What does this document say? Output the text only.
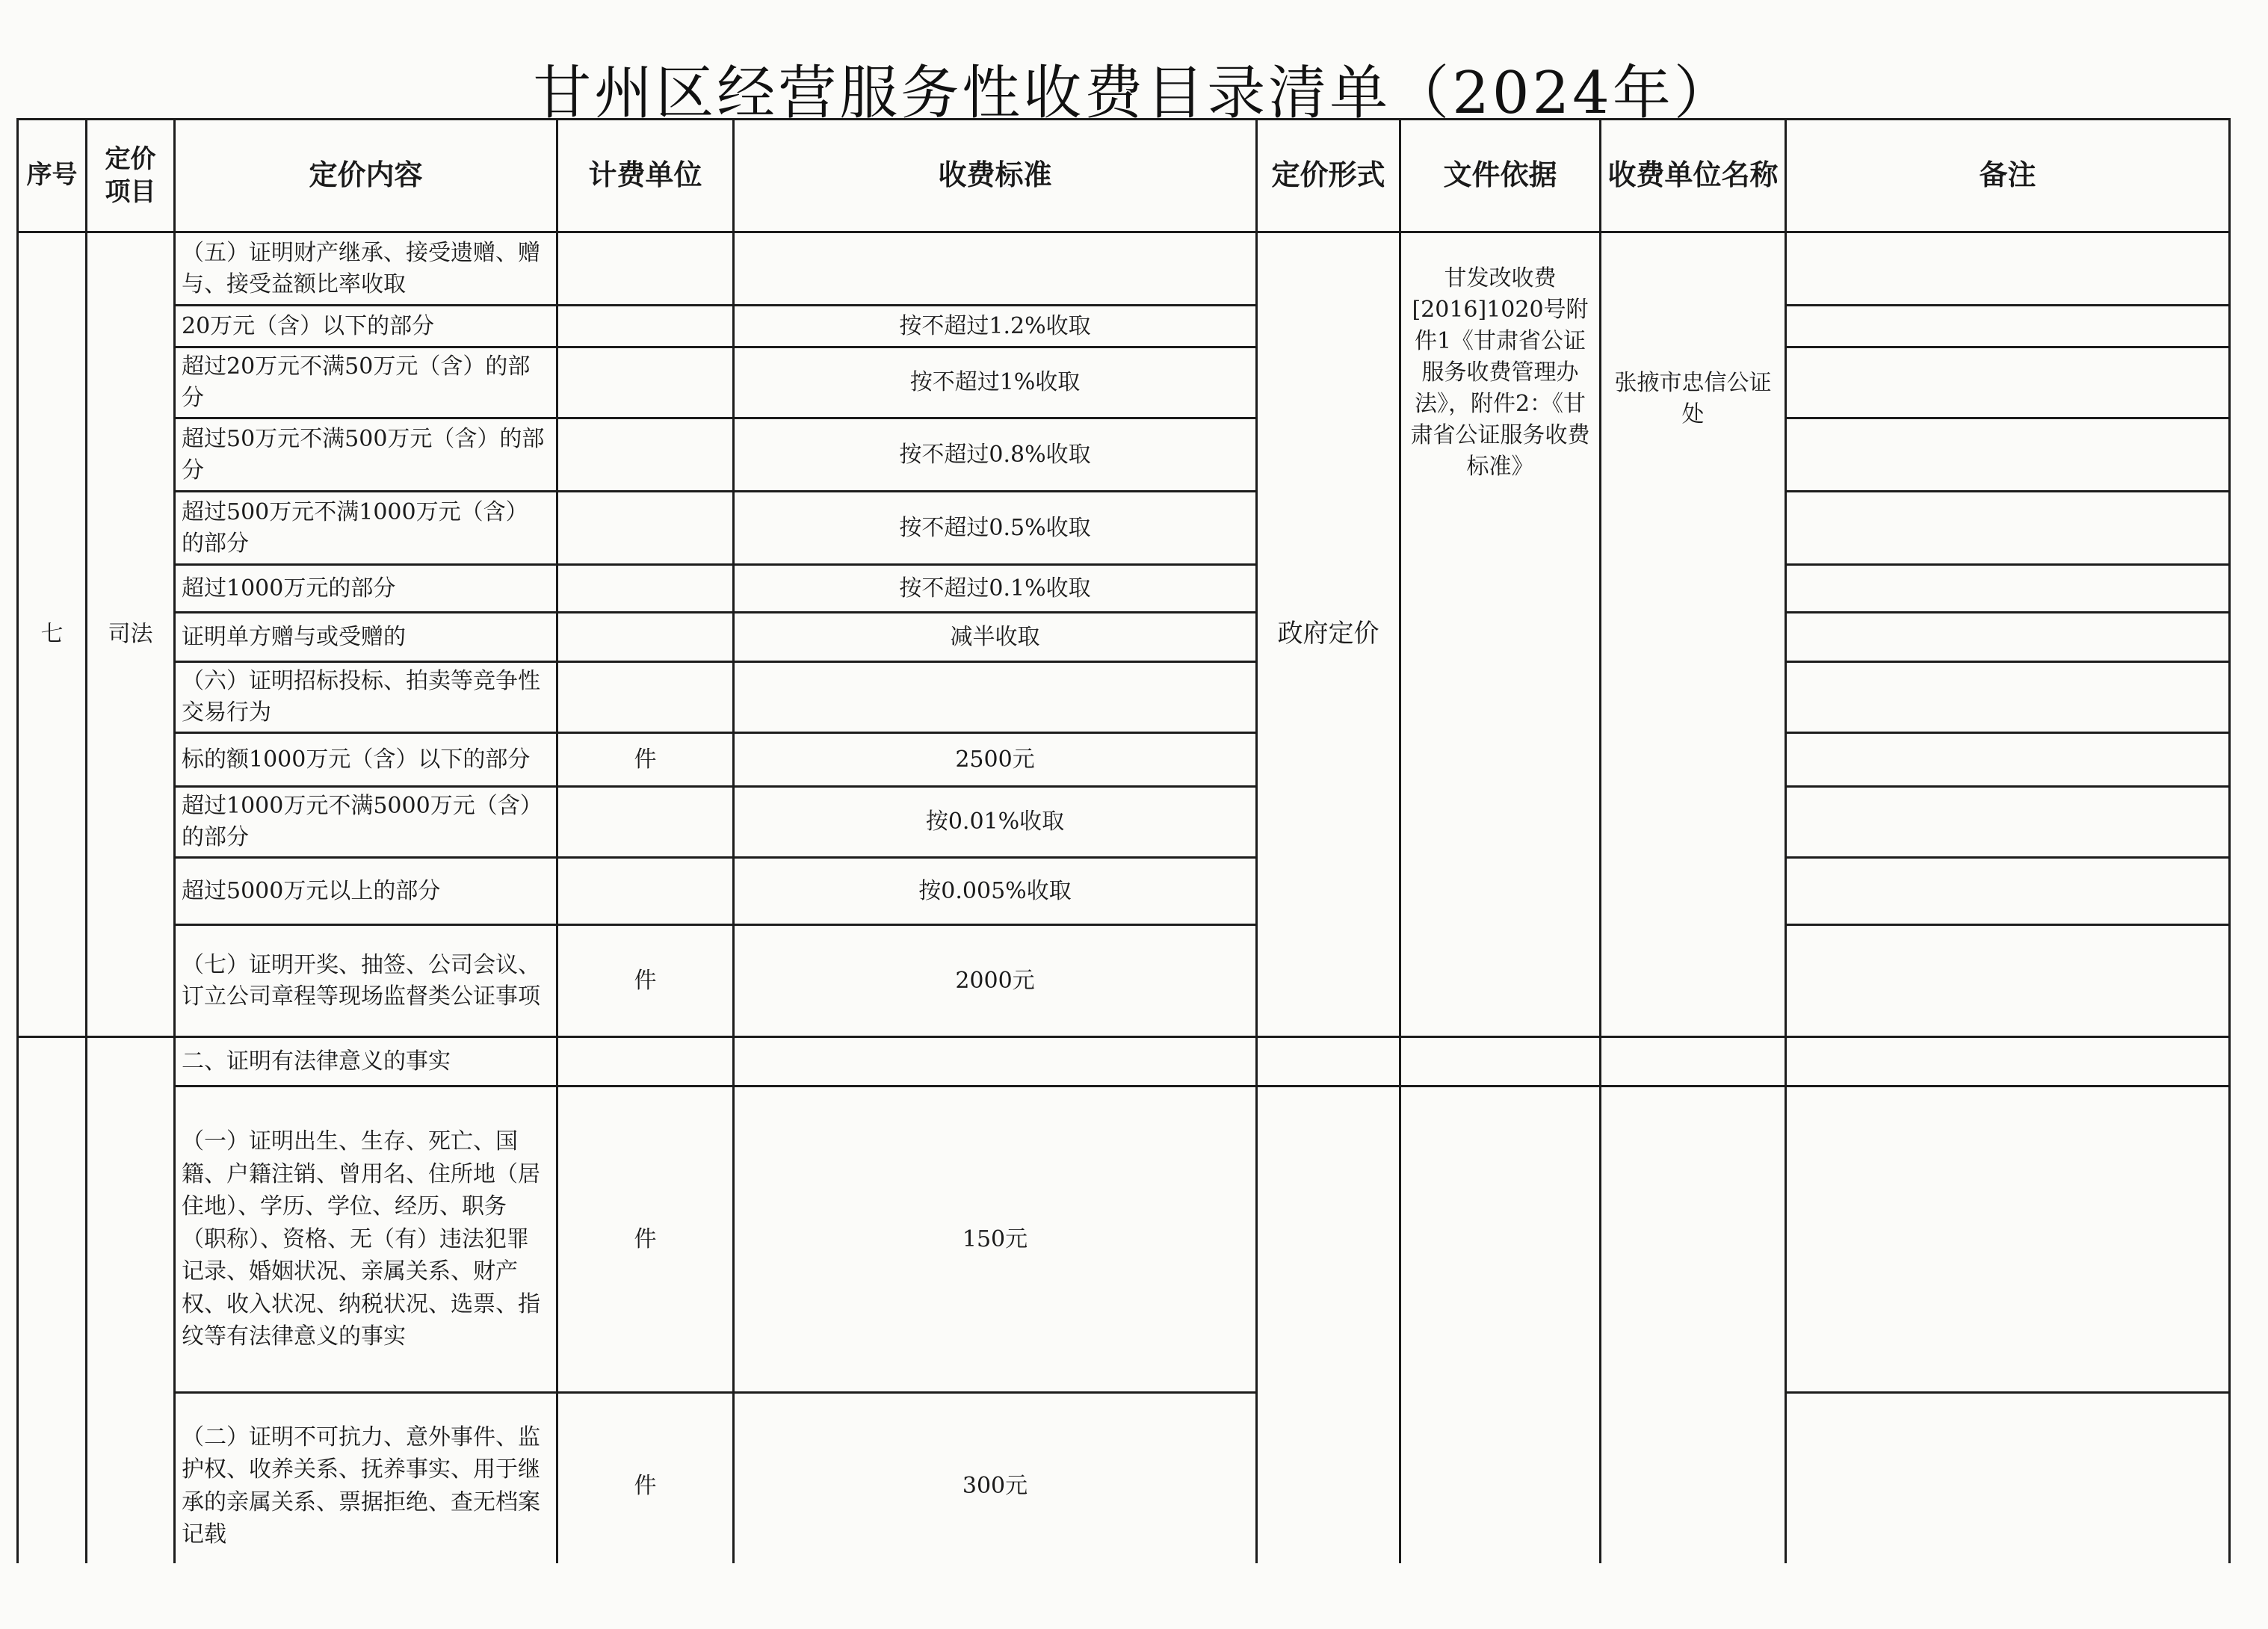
甘州区经营服务性收费目录清单（2024年）
序号	定价项目	定价内容	计费单位	收费标准	定价形式	文件依据	收费单位名称	备注
七	司法	（五）证明财产继承、接受遗赠、赠与、接受益额比率收取			政府定价	甘发改收费[2016]1020号附件1《甘肃省公证服务收费管理办法》，附件2：《甘肃省公证服务收费标准》	张掖市忠信公证处	
		20万元（含）以下的部分		按不超过1.2%收取				
		超过20万元不满50万元（含）的部分		按不超过1%收取				
		超过50万元不满500万元（含）的部分		按不超过0.8%收取				
		超过500万元不满1000万元（含）的部分		按不超过0.5%收取				
		超过1000万元的部分		按不超过0.1%收取				
		证明单方赠与或受赠的		减半收取				
		（六）证明招标投标、拍卖等竞争性交易行为						
		标的额1000万元（含）以下的部分	件	2500元				
		超过1000万元不满5000万元（含）的部分		按0.01%收取				
		超过5000万元以上的部分		按0.005%收取				
		（七）证明开奖、抽签、公司会议、订立公司章程等现场监督类公证事项	件	2000元				
		二、证明有法律意义的事实						
		（一）证明出生、生存、死亡、国籍、户籍注销、曾用名、住所地（居住地）、学历、学位、经历、职务（职称）、资格、无（有）违法犯罪记录、婚姻状况、亲属关系、财产权、收入状况、纳税状况、选票、指纹等有法律意义的事实	件	150元				
		（二）证明不可抗力、意外事件、监护权、收养关系、抚养事实、用于继承的亲属关系、票据拒绝、查无档案记载	件	300元				
